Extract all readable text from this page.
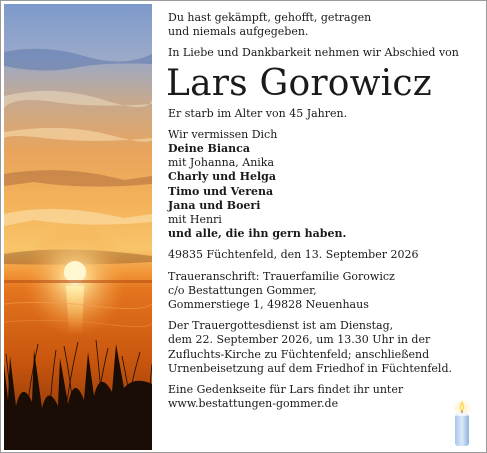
Du hast gekämpft, gehofft, getragen
und niemals aufgegeben.
In Liebe und Dankbarkeit nehmen wir Abschied von
Lars Gorowicz
Er starb im Alter von 45 Jahren.
Wir vermissen Dich
Deine Bianca
mit Johanna, Anika
Charly und Helga
Timo und Verena
Jana und Boeri
mit Henri
und alle, die ihn gern haben.
49835 Füchtenfeld, den 13. September 2026
Traueranschrift: Trauerfamilie Gorowicz
c/o Bestattungen Gommer,
Gommerstiege 1, 49828 Neuenhaus
Der Trauergottesdienst ist am Dienstag,
dem 22. September 2026, um 13.30 Uhr in der
Zufluchts-Kirche zu Füchtenfeld; anschließend
Urnenbeisetzung auf dem Friedhof in Füchtenfeld.
Eine Gedenkseite für Lars findet ihr unter
www.bestattungen-gommer.de
